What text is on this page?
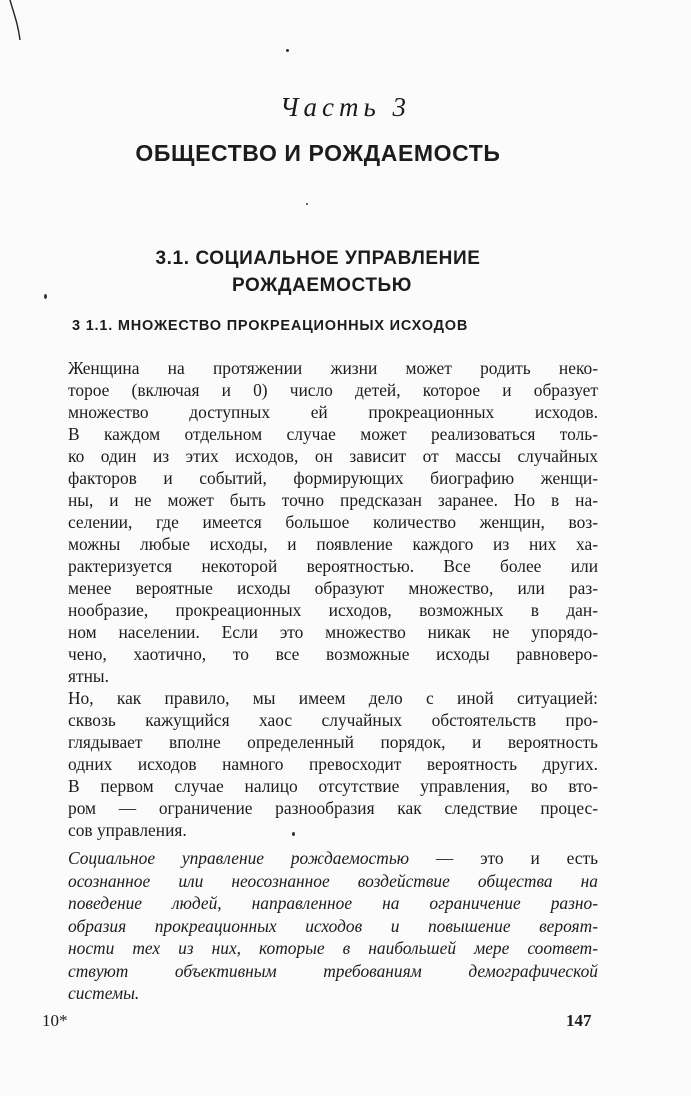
Часть 3
ОБЩЕСТВО И РОЖДАЕМОСТЬ
3.1. СОЦИАЛЬНОЕ УПРАВЛЕНИЕ
РОЖДАЕМОСТЬЮ
3 1.1. МНОЖЕСТВО ПРОКРЕАЦИОННЫХ ИСХОДОВ

Женщина на протяжении жизни может родить неко-
торое (включая и 0) число детей, которое и образует
множество доступных ей прокреационных исходов.
В каждом отдельном случае может реализоваться толь-
ко один из этих исходов, он зависит от массы случайных
факторов и событий, формирующих биографию женщи-
ны, и не может быть точно предсказан заранее. Но в на-
селении, где имеется большое количество женщин, воз-
можны любые исходы, и появление каждого из них ха-
рактеризуется некоторой вероятностью. Все более или
менее вероятные исходы образуют множество, или раз-
нообразие, прокреационных исходов, возможных в дан-
ном населении. Если это множество никак не упорядо-
чено, хаотично, то все возможные исходы равноверо-
ятны.

Но, как правило, мы имеем дело с иной ситуацией:
сквозь кажущийся хаос случайных обстоятельств про-
глядывает вполне определенный порядок, и вероятность
одних исходов намного превосходит вероятность других.
В первом случае налицо отсутствие управления, во вто-
ром — ограничение разнообразия как следствие процес-
сов управления.

Социальное управление рождаемостью — это и есть
осознанное или неосознанное воздействие общества на
поведение людей, направленное на ограничение разно-
образия прокреационных исходов и повышение вероят-
ности тех из них, которые в наибольшей мере соответ-
ствуют объективным требованиям демографической
системы.
10*	147
